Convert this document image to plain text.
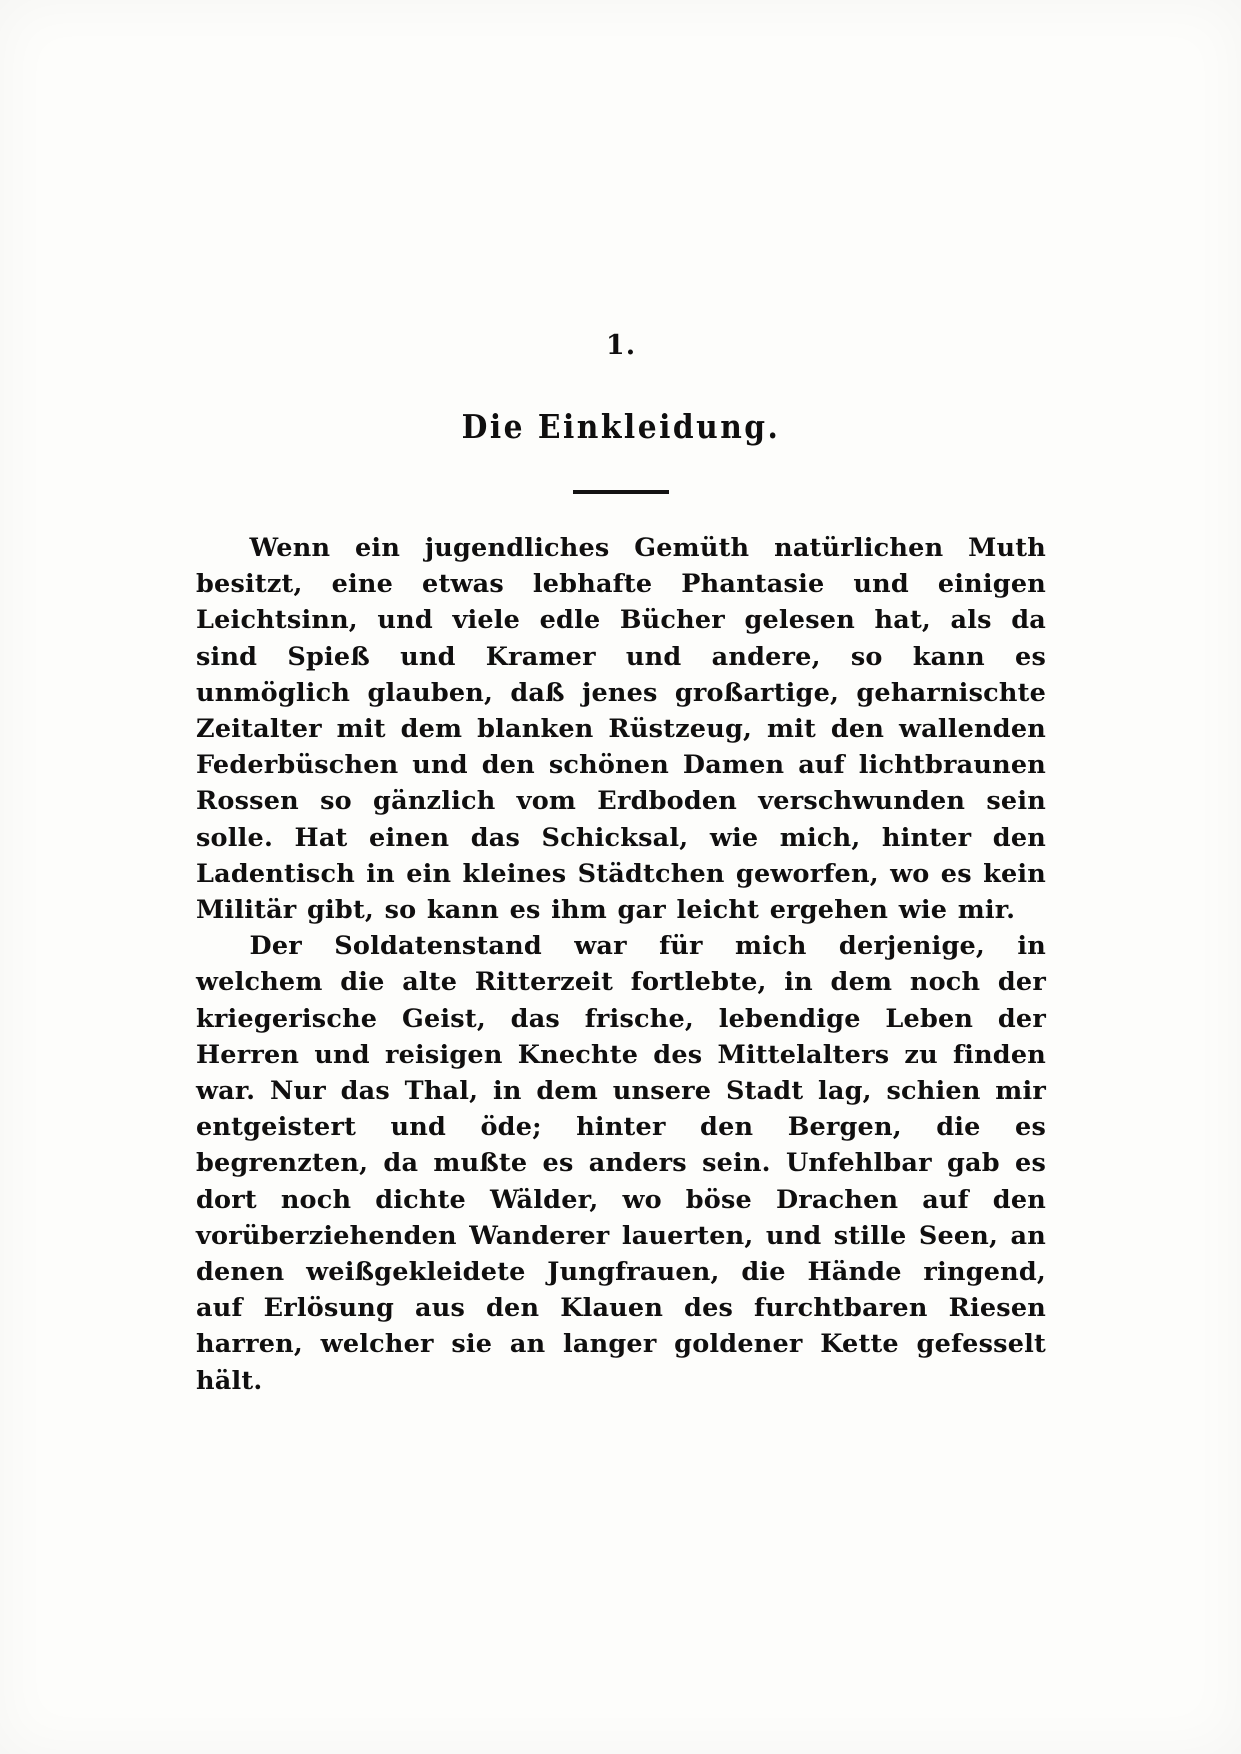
1.
Die Einkleidung.

Wenn ein jugendliches Gemüth natürlichen Muth besitzt, eine etwas lebhafte Phantasie und einigen Leichtsinn, und viele edle Bücher gelesen hat, als da sind Spieß und Kramer und andere, so kann es unmöglich glauben, daß jenes großartige, geharnischte Zeitalter mit dem blanken Rüstzeug, mit den wallenden Federbüschen und den schönen Damen auf lichtbraunen Rossen so gänzlich vom Erdboden verschwunden sein solle. Hat einen das Schicksal, wie mich, hinter den Ladentisch in ein kleines Städtchen geworfen, wo es kein Militär gibt, so kann es ihm gar leicht ergehen wie mir.

Der Soldatenstand war für mich derjenige, in welchem die alte Ritterzeit fortlebte, in dem noch der kriegerische Geist, das frische, lebendige Leben der Herren und reisigen Knechte des Mittelalters zu finden war. Nur das Thal, in dem unsere Stadt lag, schien mir entgeistert und öde; hinter den Bergen, die es begrenzten, da mußte es anders sein. Unfehlbar gab es dort noch dichte Wälder, wo böse Drachen auf den vorüberziehenden Wanderer lauerten, und stille Seen, an denen weißgekleidete Jungfrauen, die Hände ringend, auf Erlösung aus den Klauen des furchtbaren Riesen harren, welcher sie an langer goldener Kette gefesselt hält.
